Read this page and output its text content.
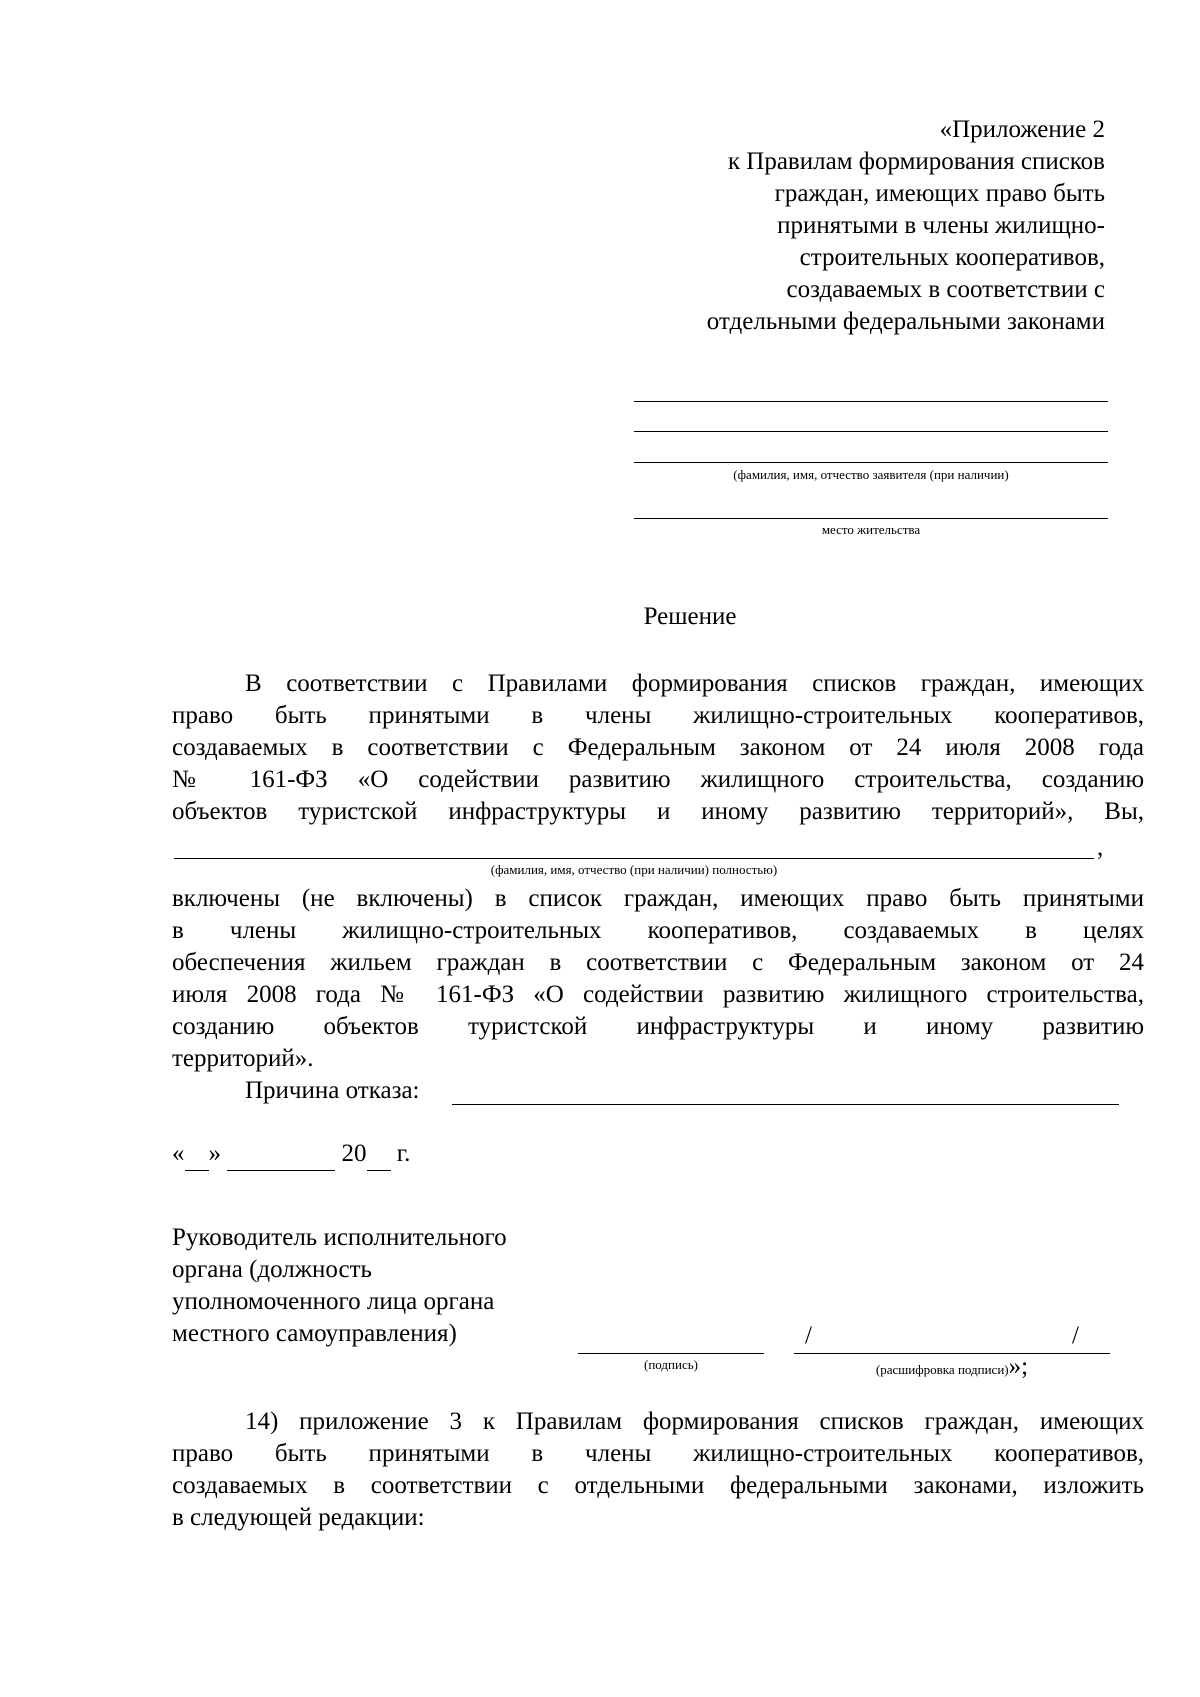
«Приложение 2
к Правилам формирования списков
граждан, имеющих право быть
принятыми в члены жилищно-
строительных кооперативов,
создаваемых в соответствии с
отдельными федеральными законами
(фамилия, имя, отчество заявителя (при наличии)
место жительства
Решение
В соответствии с Правилами формирования списков граждан, имеющих
право быть принятыми в члены жилищно-строительных кооперативов,
создаваемых в соответствии с Федеральным законом от 24 июля 2008 года
№ 161-ФЗ «О содействии развитию жилищного строительства, созданию
объектов туристской инфраструктуры и иному развитию территорий», Вы,
,
(фамилия, имя, отчество (при наличии) полностью)
включены (не включены) в список граждан, имеющих право быть принятыми
в члены жилищно-строительных кооперативов, создаваемых в целях
обеспечения жильем граждан в соответствии с Федеральным законом от 24
июля 2008 года № 161-ФЗ «О содействии развитию жилищного строительства,
созданию объектов туристской инфраструктуры и иному развитию
территорий».
Причина отказа:
« »	20 г.
Руководитель исполнительного
органа (должность
уполномоченного лица органа
местного самоуправления)
(подпись)
/	/
(расшифровка подписи)»;
14) приложение 3 к Правилам формирования списков граждан, имеющих
право быть принятыми в члены жилищно-строительных кооперативов,
создаваемых в соответствии с отдельными федеральными законами, изложить
в следующей редакции:
